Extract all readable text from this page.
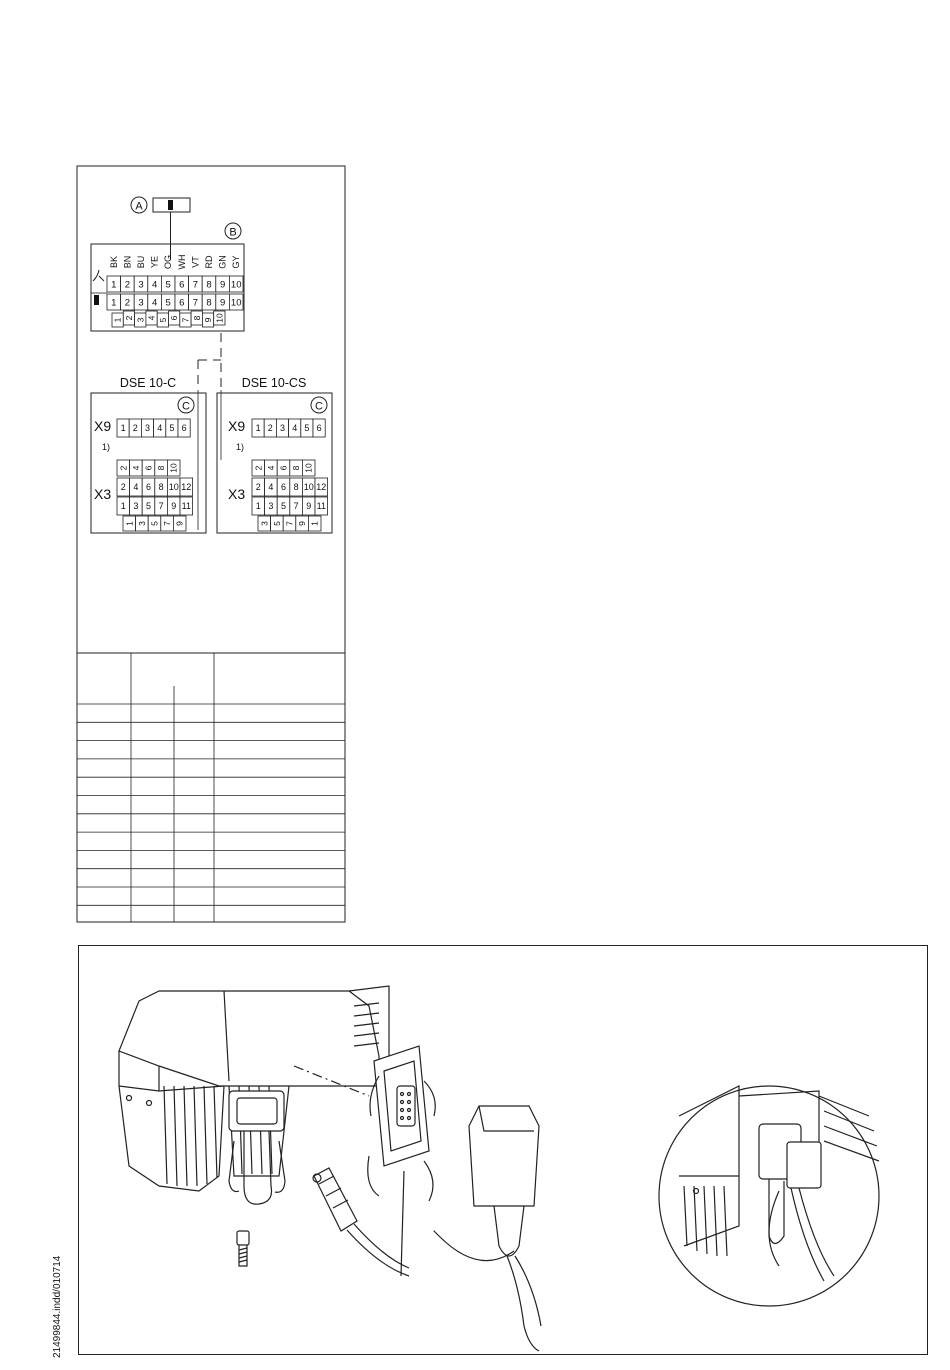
A
B
BK BN BU YE OG WH VT RD GN GY
1 2 3 4 5 6 7 8 9 10
1 2 3 4 5 6 7 8 9 10
1 2 3 4 5 6 7 8 9 10
DSE 10-C
C
X9
1)
X3
1 2 3 4 5 6
2 4 6 8 10
2 4 6 8 10 12
1 3 5 7 9 11
1 3 5 7 9
DSE 10-CS
C
X9
1)
X3
1 2 3 4 5 6
2 4 6 8 10
2 4 6 8 10 12
1 3 5 7 9 11
3 5 7 9 1
21499844.indd/010714
